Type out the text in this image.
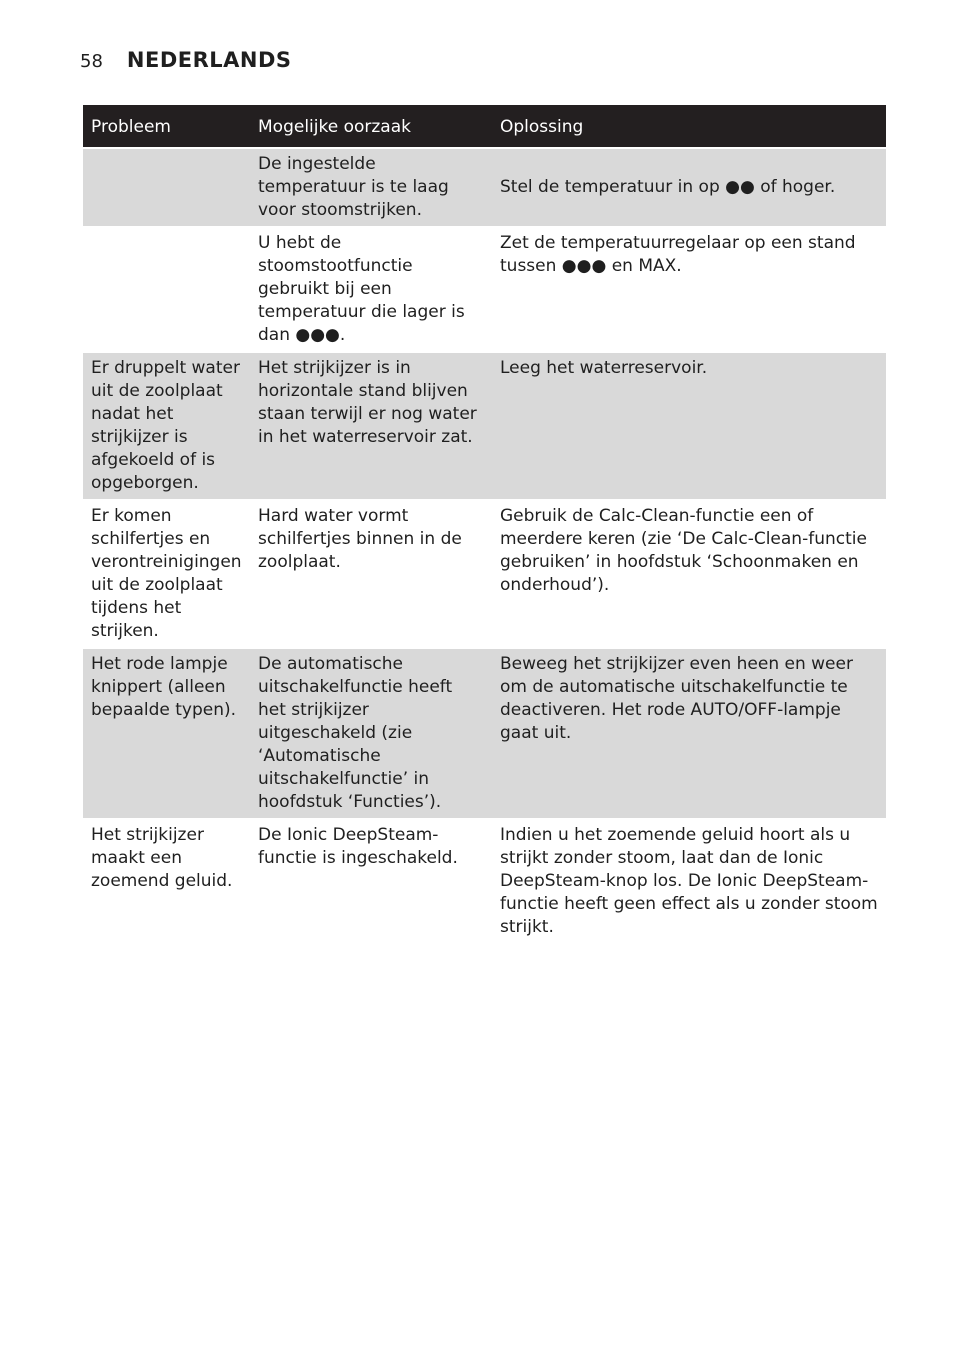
58 NEDERLANDS
Probleem	Mogelijke oorzaak	Oplossing
	De ingestelde temperatuur is te laag voor stoomstrijken.	Stel de temperatuur in op ●● of hoger.
	U hebt de stoomstootfunctie gebruikt bij een temperatuur die lager is dan ●●●.	Zet de temperatuurregelaar op een stand tussen ●●● en MAX.
Er druppelt water uit de zoolplaat nadat het strijkijzer is afgekoeld of is opgeborgen.	Het strijkijzer is in horizontale stand blijven staan terwijl er nog water in het waterreservoir zat.	Leeg het waterreservoir.
Er komen schilfertjes en verontreinigingen uit de zoolplaat tijdens het strijken.	Hard water vormt schilfertjes binnen in de zoolplaat.	Gebruik de Calc-Clean-functie een of meerdere keren (zie ‘De Calc-Clean-functie gebruiken’ in hoofdstuk ‘Schoonmaken en onderhoud’).
Het rode lampje knippert (alleen bepaalde typen).	De automatische uitschakelfunctie heeft het strijkijzer uitgeschakeld (zie ‘Automatische uitschakelfunctie’ in hoofdstuk ‘Functies’).	Beweeg het strijkijzer even heen en weer om de automatische uitschakelfunctie te deactiveren. Het rode AUTO/OFF-lampje gaat uit.
Het strijkijzer maakt een zoemend geluid.	De Ionic DeepSteam-functie is ingeschakeld.	Indien u het zoemende geluid hoort als u strijkt zonder stoom, laat dan de Ionic DeepSteam-knop los. De Ionic DeepSteam-functie heeft geen effect als u zonder stoom strijkt.
